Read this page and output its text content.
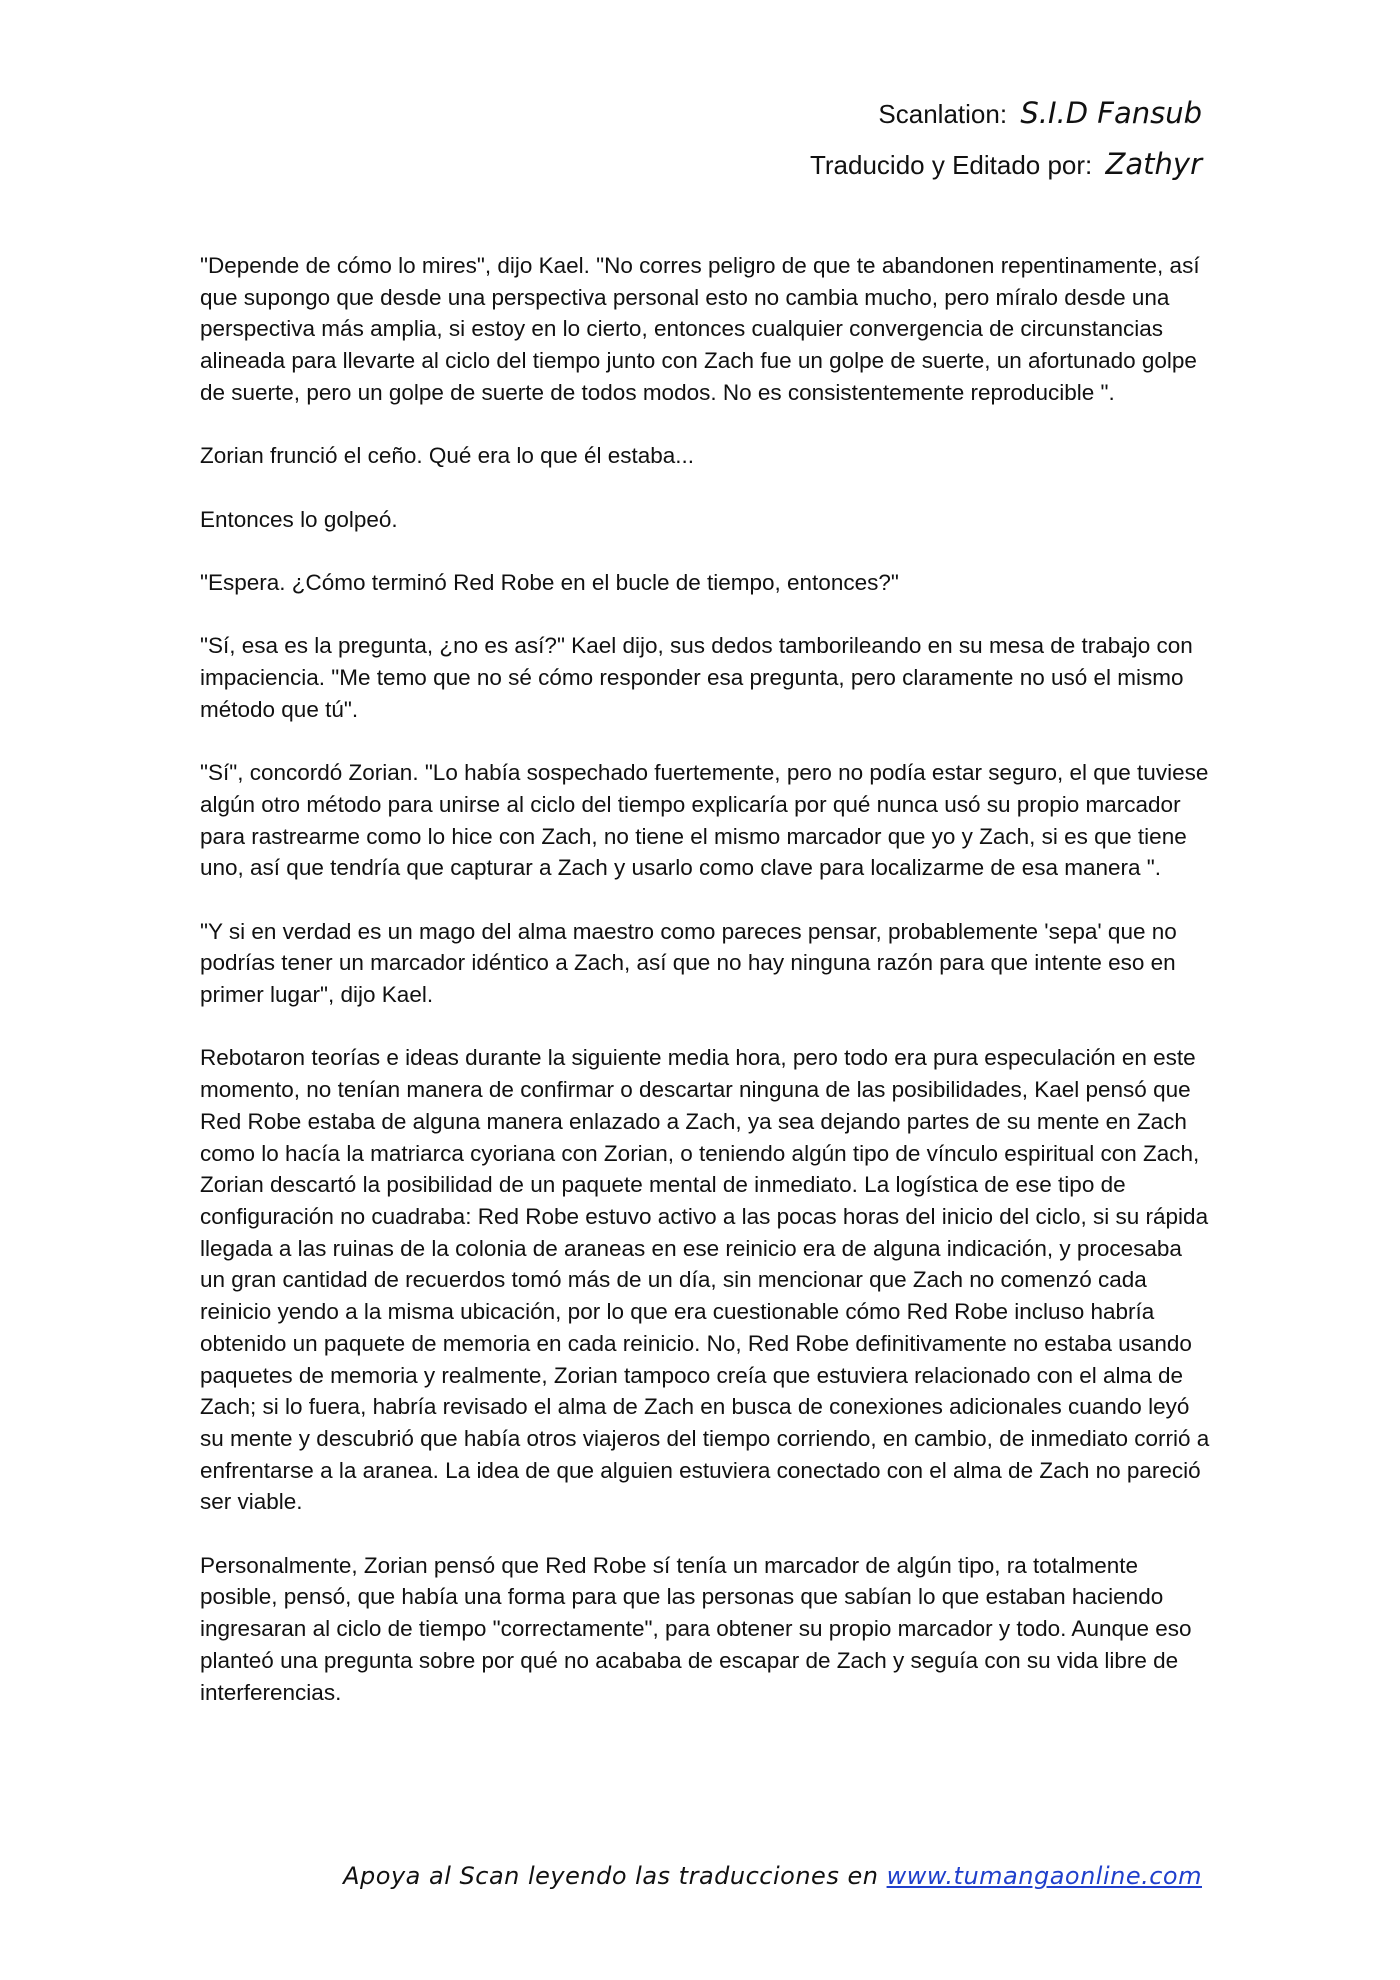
Scanlation: S.I.D Fansub
Traducido y Editado por: Zathyr

"Depende de cómo lo mires", dijo Kael. "No corres peligro de que te abandonen repentinamente, así que supongo que desde una perspectiva personal esto no cambia mucho, pero míralo desde una perspectiva más amplia, si estoy en lo cierto, entonces cualquier convergencia de circunstancias alineada para llevarte al ciclo del tiempo junto con Zach fue un golpe de suerte, un afortunado golpe de suerte, pero un golpe de suerte de todos modos. No es consistentemente reproducible ".

Zorian frunció el ceño. Qué era lo que él estaba...

Entonces lo golpeó.

"Espera. ¿Cómo terminó Red Robe en el bucle de tiempo, entonces?"

"Sí, esa es la pregunta, ¿no es así?" Kael dijo, sus dedos tamborileando en su mesa de trabajo con impaciencia. "Me temo que no sé cómo responder esa pregunta, pero claramente no usó el mismo método que tú".

"Sí", concordó Zorian. "Lo había sospechado fuertemente, pero no podía estar seguro, el que tuviese algún otro método para unirse al ciclo del tiempo explicaría por qué nunca usó su propio marcador para rastrearme como lo hice con Zach, no tiene el mismo marcador que yo y Zach, si es que tiene uno, así que tendría que capturar a Zach y usarlo como clave para localizarme de esa manera ".

"Y si en verdad es un mago del alma maestro como pareces pensar, probablemente 'sepa' que no podrías tener un marcador idéntico a Zach, así que no hay ninguna razón para que intente eso en primer lugar", dijo Kael.

Rebotaron teorías e ideas durante la siguiente media hora, pero todo era pura especulación en este momento, no tenían manera de confirmar o descartar ninguna de las posibilidades, Kael pensó que Red Robe estaba de alguna manera enlazado a Zach, ya sea dejando partes de su mente en Zach como lo hacía la matriarca cyoriana con Zorian, o teniendo algún tipo de vínculo espiritual con Zach, Zorian descartó la posibilidad de un paquete mental de inmediato. La logística de ese tipo de configuración no cuadraba: Red Robe estuvo activo a las pocas horas del inicio del ciclo, si su rápida llegada a las ruinas de la colonia de araneas en ese reinicio era de alguna indicación, y procesaba un gran cantidad de recuerdos tomó más de un día, sin mencionar que Zach no comenzó cada reinicio yendo a la misma ubicación, por lo que era cuestionable cómo Red Robe incluso habría obtenido un paquete de memoria en cada reinicio. No, Red Robe definitivamente no estaba usando paquetes de memoria y realmente, Zorian tampoco creía que estuviera relacionado con el alma de Zach; si lo fuera, habría revisado el alma de Zach en busca de conexiones adicionales cuando leyó su mente y descubrió que había otros viajeros del tiempo corriendo, en cambio, de inmediato corrió a enfrentarse a la aranea. La idea de que alguien estuviera conectado con el alma de Zach no pareció ser viable.

Personalmente, Zorian pensó que Red Robe sí tenía un marcador de algún tipo, ra totalmente posible, pensó, que había una forma para que las personas que sabían lo que estaban haciendo ingresaran al ciclo de tiempo "correctamente", para obtener su propio marcador y todo. Aunque eso planteó una pregunta sobre por qué no acababa de escapar de Zach y seguía con su vida libre de interferencias.

Apoya al Scan leyendo las traducciones en www.tumangaonline.com
